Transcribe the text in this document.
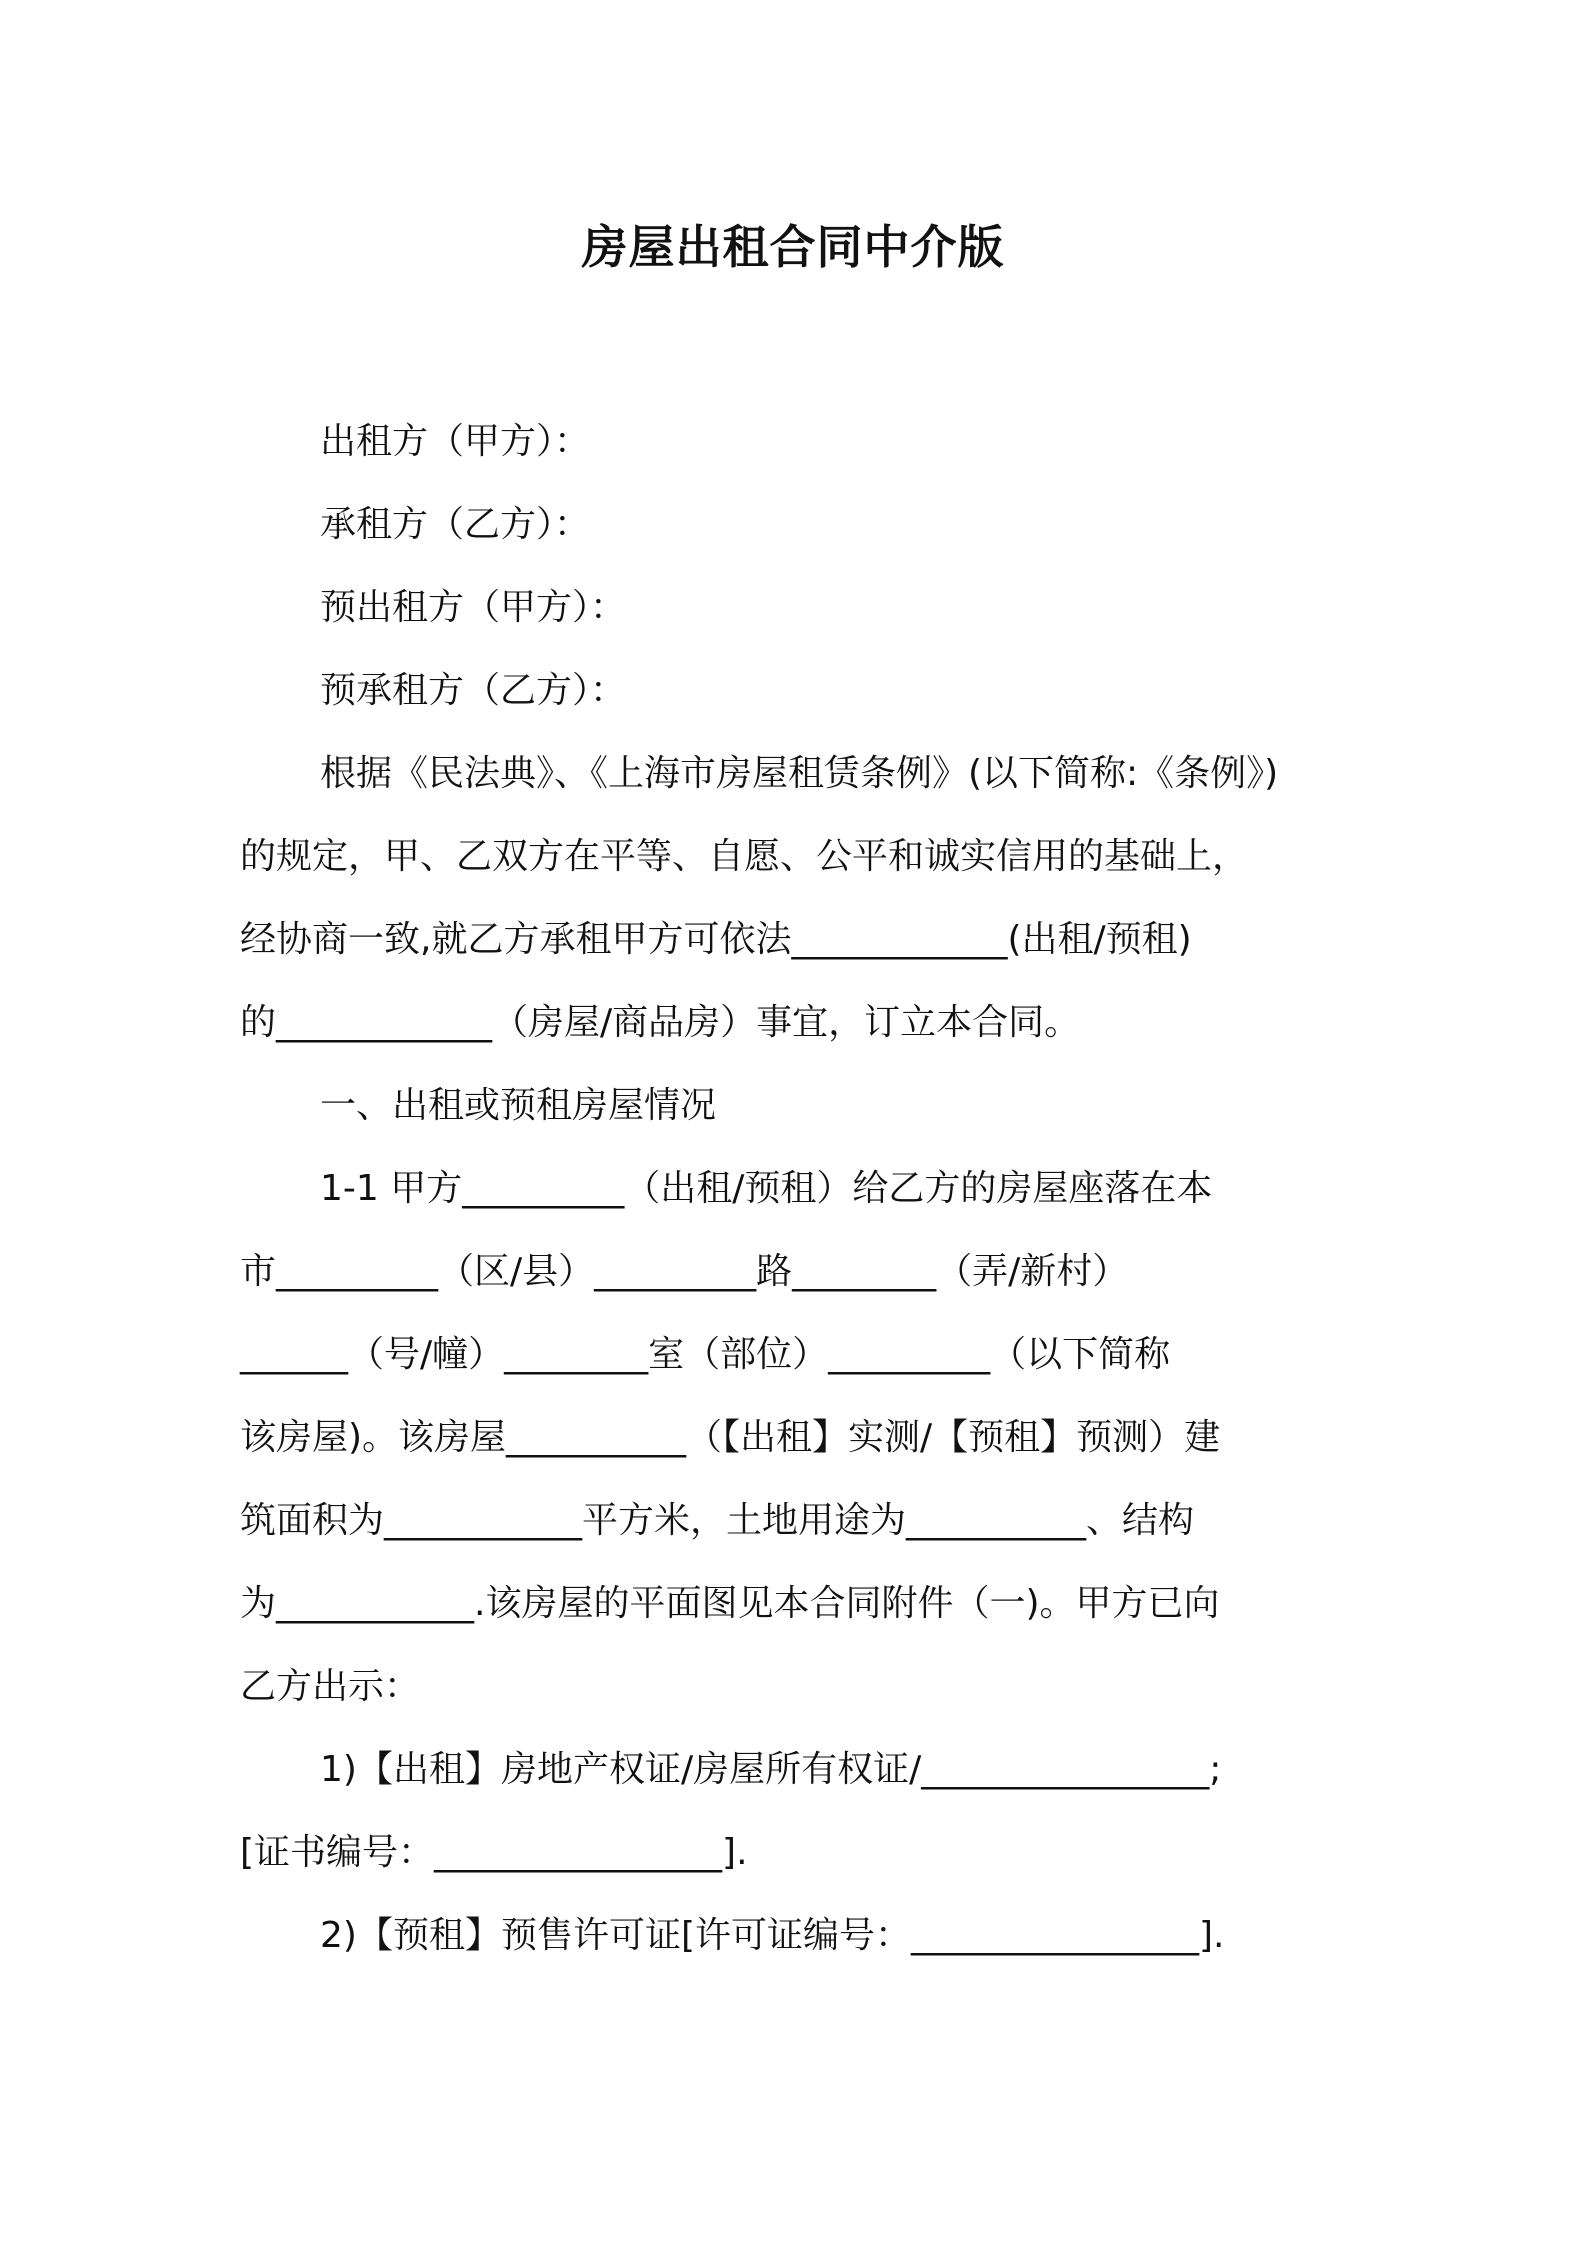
房屋出租合同中介版

出租方（甲方）：

承租方（乙方）：

预出租方（甲方）：

预承租方（乙方）：

根据《民法典》、《上海市房屋租赁条例》(以下简称:《条例》)

的规定，甲、乙双方在平等、自愿、公平和诚实信用的基础上，

经协商一致,就乙方承租甲方可依法____________(出租/预租)

的____________（房屋/商品房）事宜，订立本合同。

一、出租或预租房屋情况

1-1 甲方_________（出租/预租）给乙方的房屋座落在本

市_________（区/县）_________路________（弄/新村）

______（号/幢）________室（部位）_________（以下简称

该房屋)。该房屋__________（【出租】实测/【预租】预测）建

筑面积为___________平方米，土地用途为__________、结构

为___________.该房屋的平面图见本合同附件（一)。甲方已向

乙方出示：

1)【出租】房地产权证/房屋所有权证/________________;

[证书编号：________________].

2)【预租】预售许可证[许可证编号：________________].
